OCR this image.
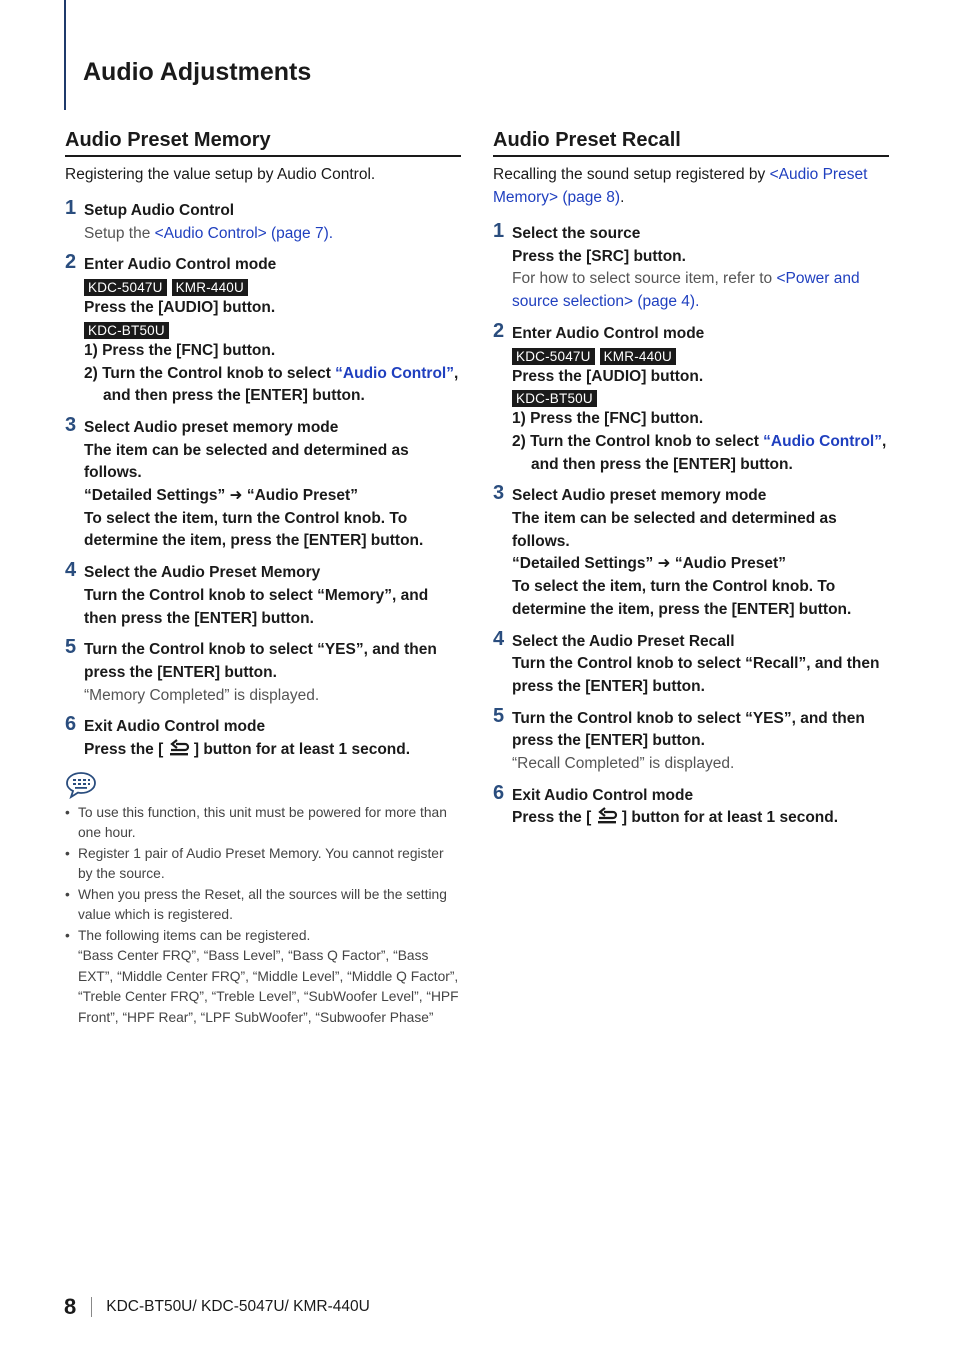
Audio Adjustments
Audio Preset Memory

Registering the value setup by Audio Control.

1 Setup Audio Control
Setup the <Audio Control> (page 7).
2 Enter Audio Control mode
KDC-5047U KMR-440U
Press the [AUDIO] button.
KDC-BT50U
1) Press the [FNC] button.
2) Turn the Control knob to select “Audio Control”, and then press the [ENTER] button.
3 Select Audio preset memory mode
The item can be selected and determined as follows.
“Detailed Settings” ➜ “Audio Preset”
To select the item, turn the Control knob. To determine the item, press the [ENTER] button.
4 Select the Audio Preset Memory
Turn the Control knob to select “Memory”, and then press the [ENTER] button.
5 Turn the Control knob to select “YES”, and then press the [ENTER] button.
“Memory Completed” is displayed.
6 Exit Audio Control mode
Press the [  ] button for at least 1 second.
• To use this function, this unit must be powered for more than one hour.
• Register 1 pair of Audio Preset Memory. You cannot register by the source.
• When you press the Reset, all the sources will be the setting value which is registered.
• The following items can be registered.
“Bass Center FRQ”, “Bass Level”, “Bass Q Factor”, “Bass EXT”, “Middle Center FRQ”, “Middle Level”, “Middle Q Factor”, “Treble Center FRQ”, “Treble Level”, “SubWoofer Level”, “HPF Front”, “HPF Rear”, “LPF SubWoofer”, “Subwoofer Phase”
Audio Preset Recall

Recalling the sound setup registered by <Audio Preset Memory> (page 8).

1 Select the source
Press the [SRC] button.
For how to select source item, refer to <Power and source selection> (page 4).
2 Enter Audio Control mode
KDC-5047U KMR-440U
Press the [AUDIO] button.
KDC-BT50U
1) Press the [FNC] button.
2) Turn the Control knob to select “Audio Control”, and then press the [ENTER] button.
3 Select Audio preset memory mode
The item can be selected and determined as follows.
“Detailed Settings” ➜ “Audio Preset”
To select the item, turn the Control knob. To determine the item, press the [ENTER] button.
4 Select the Audio Preset Recall
Turn the Control knob to select “Recall”, and then press the [ENTER] button.
5 Turn the Control knob to select “YES”, and then press the [ENTER] button.
“Recall Completed” is displayed.
6 Exit Audio Control mode
Press the [  ] button for at least 1 second.
8 KDC-BT50U/ KDC-5047U/ KMR-440U
